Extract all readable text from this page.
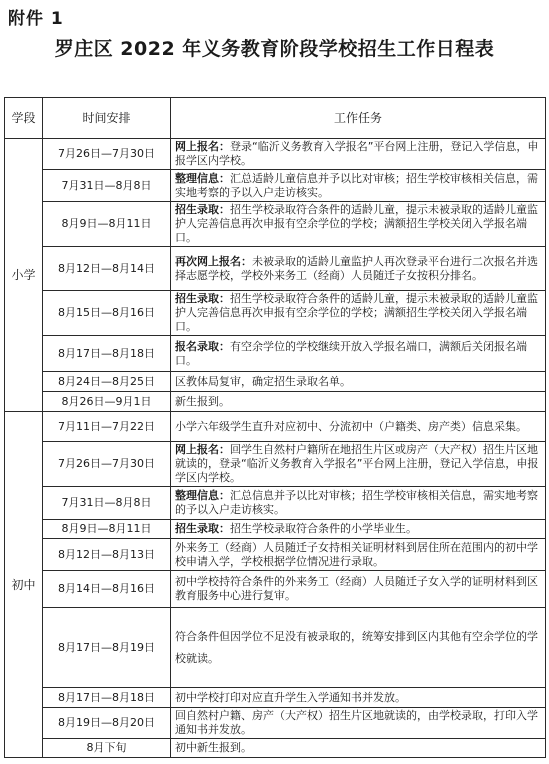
附件 1
罗庄区 2022 年义务教育阶段学校招生工作日程表
学段	时间安排	工作任务
小学	7月26日—7月30日	网上报名：登录“临沂义务教育入学报名”平台网上注册，登记入学信息，申报学区内学校。
	7月31日—8月8日	整理信息：汇总适龄儿童信息并予以比对审核；招生学校审核相关信息，需实地考察的予以入户走访核实。
	8月9日—8月11日	招生录取：招生学校录取符合条件的适龄儿童，提示未被录取的适龄儿童监护人完善信息再次申报有空余学位的学校；满额招生学校关闭入学报名端口。
	8月12日—8月14日	再次网上报名：未被录取的适龄儿童监护人再次登录平台进行二次报名并选择志愿学校，学校外来务工（经商）人员随迁子女按积分排名。
	8月15日—8月16日	招生录取：招生学校录取符合条件的适龄儿童，提示未被录取的适龄儿童监护人完善信息再次申报有空余学位的学校；满额招生学校关闭入学报名端口。
	8月17日—8月18日	报名录取：有空余学位的学校继续开放入学报名端口，满额后关闭报名端口。
	8月24日—8月25日	区教体局复审，确定招生录取名单。
	8月26日—9月1日	新生报到。
初中	7月11日—7月22日	小学六年级学生直升对应初中、分流初中（户籍类、房产类）信息采集。
	7月26日—7月30日	网上报名：回学生自然村户籍所在地招生片区或房产（大产权）招生片区地就读的，登录“临沂义务教育入学报名”平台网上注册，登记入学信息，申报学区内学校。
	7月31日—8月8日	整理信息：汇总信息并予以比对审核；招生学校审核相关信息，需实地考察的予以入户走访核实。
	8月9日—8月11日	招生录取：招生学校录取符合条件的小学毕业生。
	8月12日—8月13日	外来务工（经商）人员随迁子女持相关证明材料到居住所在范围内的初中学校申请入学，学校根据学位情况进行录取。
	8月14日—8月16日	初中学校持符合条件的外来务工（经商）人员随迁子女入学的证明材料到区教育服务中心进行复审。
	8月17日—8月19日	符合条件但因学位不足没有被录取的，统筹安排到区内其他有空余学位的学校就读。
	8月17日—8月18日	初中学校打印对应直升学生入学通知书并发放。
	8月19日—8月20日	回自然村户籍、房产（大产权）招生片区地就读的，由学校录取，打印入学通知书并发放。
	8月下旬	初中新生报到。
